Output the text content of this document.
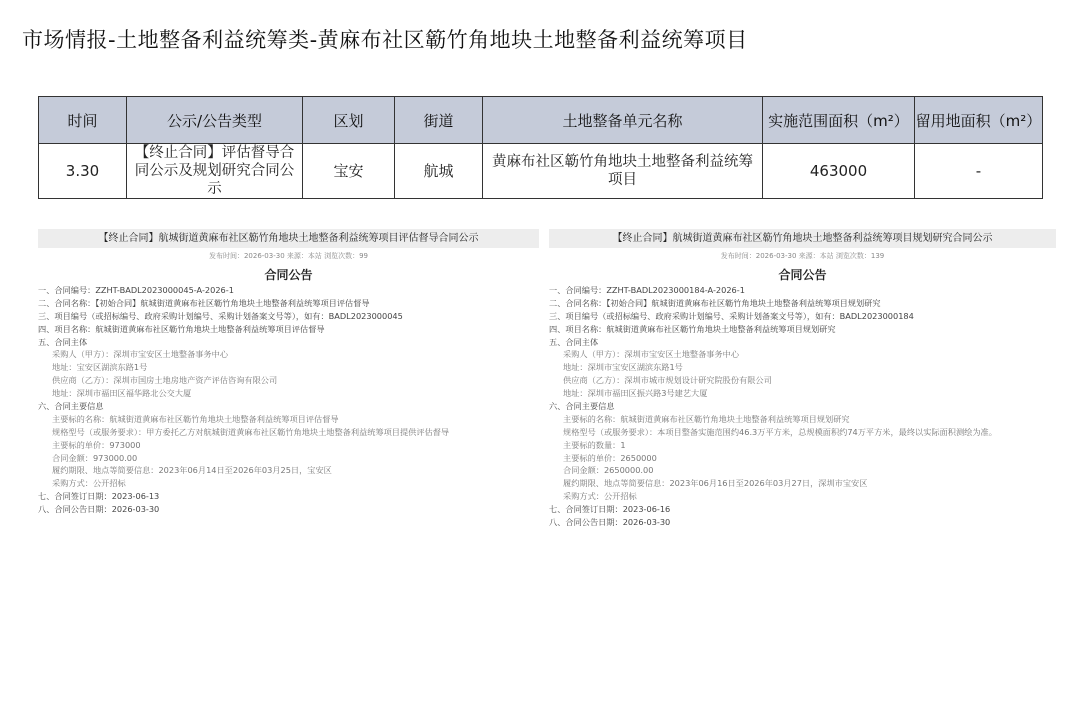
市场情报-土地整备利益统筹类-黄麻布社区簕竹角地块土地整备利益统筹项目
时间	公示/公告类型	区划	街道	土地整备单元名称	实施范围面积（m²）	留用地面积（m²）
3.30	【终止合同】评估督导合同公示及规划研究合同公示	宝安	航城	黄麻布社区簕竹角地块土地整备利益统筹项目	463000	-
【终止合同】航城街道黄麻布社区簕竹角地块土地整备利益统筹项目评估督导合同公示
发布时间：2026-03-30 来源：本站 浏览次数：99
合同公告
一、合同编号：ZZHT-BADL2023000045-A-2026-1
二、合同名称：【初始合同】航城街道黄麻布社区簕竹角地块土地整备利益统筹项目评估督导
三、项目编号（或招标编号、政府采购计划编号、采购计划备案文号等），如有：BADL2023000045
四、项目名称：航城街道黄麻布社区簕竹角地块土地整备利益统筹项目评估督导
五、合同主体
采购人（甲方）：深圳市宝安区土地整备事务中心
地址：宝安区湖滨东路1号
供应商（乙方）：深圳市国房土地房地产资产评估咨询有限公司
地址：深圳市福田区福华路北公交大厦
六、合同主要信息
主要标的名称：航城街道黄麻布社区簕竹角地块土地整备利益统筹项目评估督导
规格型号（或服务要求）：甲方委托乙方对航城街道黄麻布社区簕竹角地块土地整备利益统筹项目提供评估督导
主要标的单价：973000
合同金额：973000.00
履约期限、地点等简要信息：2023年06月14日至2026年03月25日，宝安区
采购方式：公开招标
七、合同签订日期：2023-06-13
八、合同公告日期：2026-03-30
【终止合同】航城街道黄麻布社区簕竹角地块土地整备利益统筹项目规划研究合同公示
发布时间：2026-03-30 来源：本站 浏览次数：139
合同公告
一、合同编号：ZZHT-BADL2023000184-A-2026-1
二、合同名称：【初始合同】航城街道黄麻布社区簕竹角地块土地整备利益统筹项目规划研究
三、项目编号（或招标编号、政府采购计划编号、采购计划备案文号等），如有：BADL2023000184
四、项目名称：航城街道黄麻布社区簕竹角地块土地整备利益统筹项目规划研究
五、合同主体
采购人（甲方）：深圳市宝安区土地整备事务中心
地址：深圳市宝安区湖滨东路1号
供应商（乙方）：深圳市城市规划设计研究院股份有限公司
地址：深圳市福田区振兴路3号建艺大厦
六、合同主要信息
主要标的名称：航城街道黄麻布社区簕竹角地块土地整备利益统筹项目规划研究
规格型号（或服务要求）：本项目整备实施范围约46.3万平方米，总规模面积约74万平方米，最终以实际面积测绘为准。
主要标的数量：1
主要标的单价：2650000
合同金额：2650000.00
履约期限、地点等简要信息：2023年06月16日至2026年03月27日，深圳市宝安区
采购方式：公开招标
七、合同签订日期：2023-06-16
八、合同公告日期：2026-03-30
